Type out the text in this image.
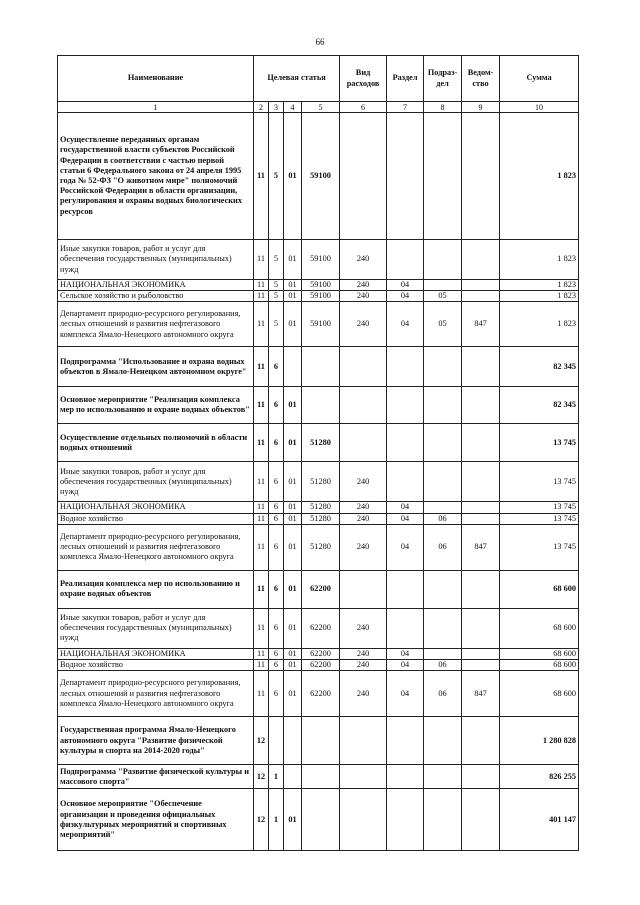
66
Наименование	Целевая статья				Вид расходов	Раздел	Подраз-дел	Ведом-ство	Сумма
1	2	3	4	5	6	7	8	9	10
Осуществление переданных органам государственной власти субъектов Российской Федерации в соответствии с частью первой статьи 6 Федерального закона от 24 апреля 1995 года № 52-ФЗ "О животном мире" полномочий Российской Федерации в области организации, регулирования и охраны водных биологических ресурсов	11	5	01	59100					1 823
Иные закупки товаров, работ и услуг для обеспечения государственных (муниципальных) нужд	11	5	01	59100	240				1 823
НАЦИОНАЛЬНАЯ ЭКОНОМИКА	11	5	01	59100	240	04			1 823
Сельское хозяйство и рыболовство	11	5	01	59100	240	04	05		1 823
Департамент природно-ресурсного регулирования, лесных отношений и развития нефтегазового комплекса Ямало-Ненецкого автономного округа	11	5	01	59100	240	04	05	847	1 823
Подпрограмма "Использование и охрана водных объектов в Ямало-Ненецком автономном округе"	11	6							82 345
Основное мероприятие "Реализация комплекса мер по использованию и охране водных объектов"	11	6	01						82 345
Осуществление отдельных полномочий в области водных отношений	11	6	01	51280					13 745
Иные закупки товаров, работ и услуг для обеспечения государственных (муниципальных) нужд	11	6	01	51280	240				13 745
НАЦИОНАЛЬНАЯ ЭКОНОМИКА	11	6	01	51280	240	04			13 745
Водное хозяйство	11	6	01	51280	240	04	06		13 745
Департамент природно-ресурсного регулирования, лесных отношений и развития нефтегазового комплекса Ямало-Ненецкого автономного округа	11	6	01	51280	240	04	06	847	13 745
Реализация комплекса мер по использованию и охране водных объектов	11	6	01	62200					68 600
Иные закупки товаров, работ и услуг для обеспечения государственных (муниципальных) нужд	11	6	01	62200	240				68 600
НАЦИОНАЛЬНАЯ ЭКОНОМИКА	11	6	01	62200	240	04			68 600
Водное хозяйство	11	6	01	62200	240	04	06		68 600
Департамент природно-ресурсного регулирования, лесных отношений и развития нефтегазового комплекса Ямало-Ненецкого автономного округа	11	6	01	62200	240	04	06	847	68 600
Государственная программа Ямало-Ненецкого автономного округа "Развитие физической культуры и спорта на 2014-2020 годы"	12								1 280 828
Подпрограмма "Развитие физической культуры и массового спорта"	12	1							826 255
Основное мероприятие "Обеспечение организации и проведения официальных физкультурных мероприятий и спортивных мероприятий"	12	1	01						401 147
